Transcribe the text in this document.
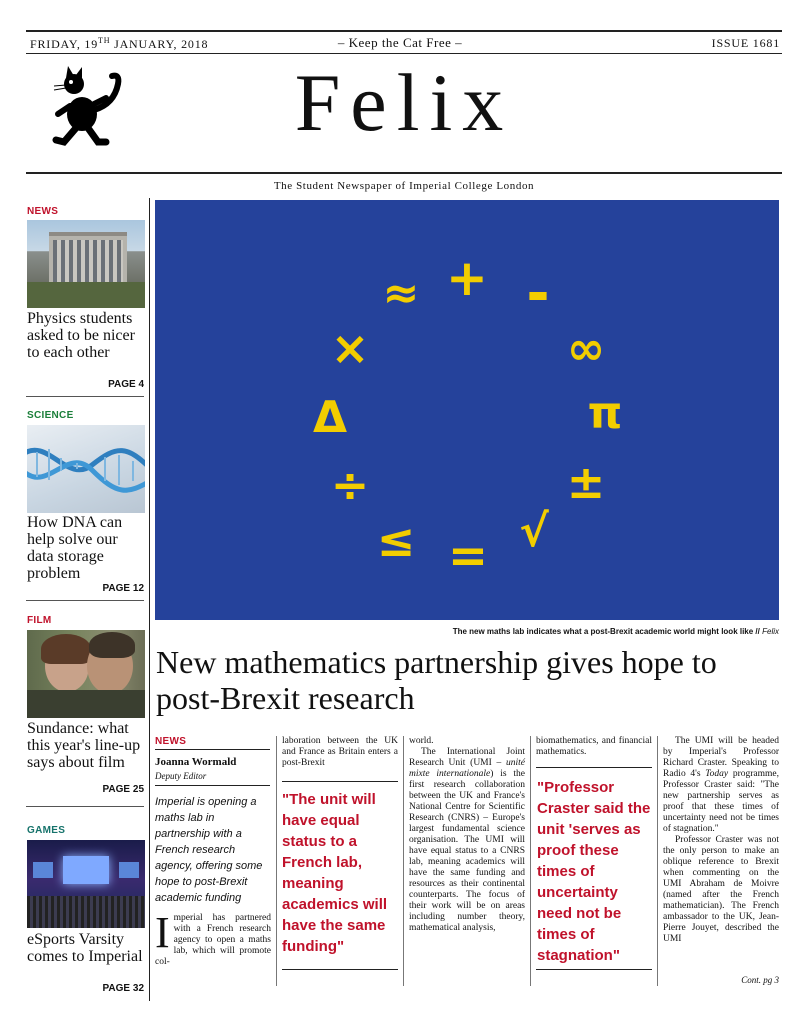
FRIDAY, 19TH JANUARY, 2018	– Keep the Cat Free –	ISSUE 1681
Felix
The Student Newspaper of Imperial College London
NEWS
Physics students asked to be nicer to each other
PAGE 4
SCIENCE
How DNA can help solve our data storage problem
PAGE 12
FILM
Sundance: what this year's line-up says about film
PAGE 25
GAMES
eSports Varsity comes to Imperial
PAGE 32
≈ + -
×	∞
Δ	π
÷	±
≤ = √
The new maths lab indicates what a post-Brexit academic world might look like // Felix
New mathematics partnership gives hope to post-Brexit research
NEWS
Joanna Wormald
Deputy Editor
Imperial is opening a maths lab in partnership with a French research agency, offering some hope to post-Brexit academic funding
Imperial has partnered with a French research agency to open a maths lab, which will promote col-
laboration between the UK and France as Britain enters a post-Brexit
"The unit will have equal status to a French lab, meaning academics will have the same funding"
world.
The International Joint Research Unit (UMI – unité mixte internationale) is the first research collaboration between the UK and France's National Centre for Scientific Research (CNRS) – Europe's largest fundamental science organisation. The UMI will have equal status to a CNRS lab, meaning academics will have the same funding and resources as their continental counterparts. The focus of their work will be on areas including number theory, mathematical analysis,
biomathematics, and financial mathematics.
"Professor Craster said the unit 'serves as proof these times of uncertainty need not be times of stagnation"
The UMI will be headed by Imperial's Professor Richard Craster. Speaking to Radio 4's Today programme, Professor Craster said: "The new partnership serves as proof that these times of uncertainty need not be times of stagnation."
Professor Craster was not the only person to make an oblique reference to Brexit when commenting on the UMI Abraham de Moivre (named after the French mathematician). The French ambassador to the UK, Jean-Pierre Jouyet, described the UMI
Cont. pg 3
